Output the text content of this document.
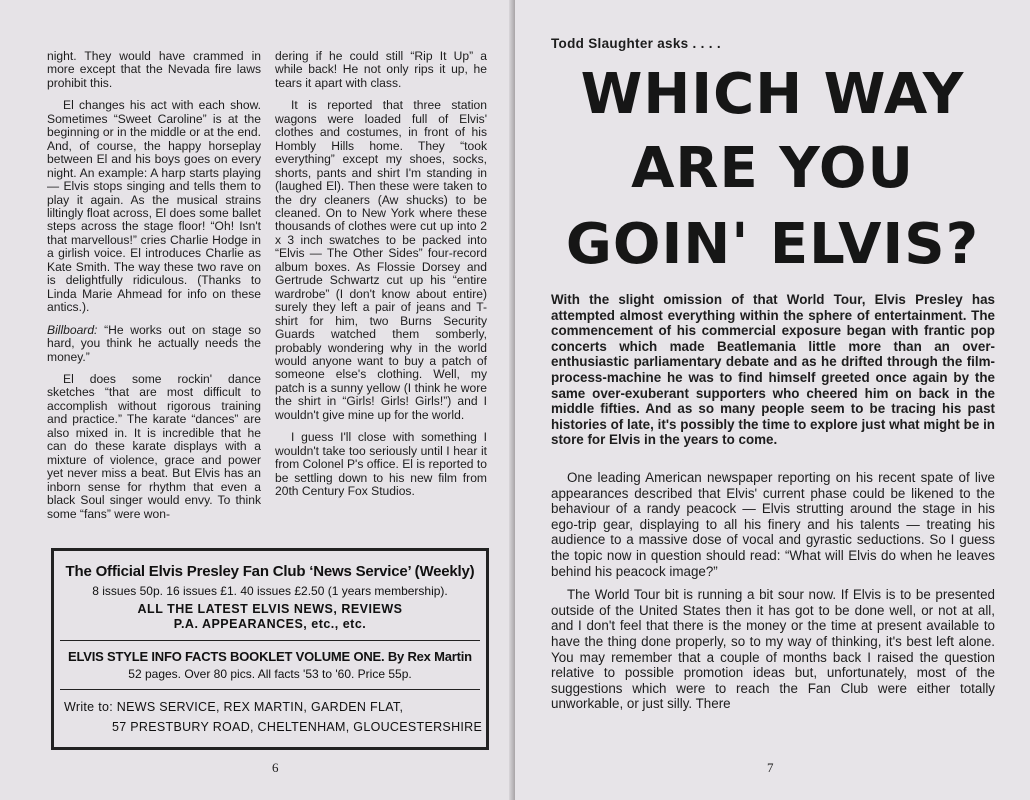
night. They would have crammed in more except that the Nevada fire laws prohibit this.

El changes his act with each show. Sometimes “Sweet Caroline” is at the beginning or in the middle or at the end. And, of course, the happy horseplay between El and his boys goes on every night. An example: A harp starts playing — Elvis stops singing and tells them to play it again. As the musical strains liltingly float across, El does some ballet steps across the stage floor! “Oh! Isn't that marvellous!” cries Charlie Hodge in a girlish voice. El introduces Charlie as Kate Smith. The way these two rave on is delightfully ridiculous. (Thanks to Linda Marie Ahmead for info on these antics.).

Billboard: “He works out on stage so hard, you think he actually needs the money.”

El does some rockin' dance sketches “that are most difficult to accomplish without rigorous training and practice.” The karate “dances” are also mixed in. It is incredible that he can do these karate displays with a mixture of violence, grace and power yet never miss a beat. But Elvis has an inborn sense for rhythm that even a black Soul singer would envy. To think some “fans” were won-

dering if he could still “Rip It Up” a while back! He not only rips it up, he tears it apart with class.

It is reported that three station wagons were loaded full of Elvis' clothes and costumes, in front of his Hombly Hills home. They “took everything” except my shoes, socks, shorts, pants and shirt I'm standing in (laughed El). Then these were taken to the dry cleaners (Aw shucks) to be cleaned. On to New York where these thousands of clothes were cut up into 2 x 3 inch swatches to be packed into “Elvis — The Other Sides” four-record album boxes. As Flossie Dorsey and Gertrude Schwartz cut up his “entire wardrobe” (I don't know about entire) surely they left a pair of jeans and T-shirt for him, two Burns Security Guards watched them somberly, probably wondering why in the world would anyone want to buy a patch of someone else's clothing. Well, my patch is a sunny yellow (I think he wore the shirt in “Girls! Girls! Girls!”) and I wouldn't give mine up for the world.

I guess I'll close with something I wouldn't take too seriously until I hear it from Colonel P's office. El is reported to be settling down to his new film from 20th Century Fox Studios.

The Official Elvis Presley Fan Club ‘News Service’ (Weekly)
8 issues 50p. 16 issues £1. 40 issues £2.50 (1 years membership).
ALL THE LATEST ELVIS NEWS, REVIEWS
P.A. APPEARANCES, etc., etc.
ELVIS STYLE INFO FACTS BOOKLET VOLUME ONE. By Rex Martin
52 pages. Over 80 pics. All facts '53 to '60. Price 55p.
Write to: NEWS SERVICE, REX MARTIN, GARDEN FLAT,
57 PRESTBURY ROAD, CHELTENHAM, GLOUCESTERSHIRE
6
Todd Slaughter asks . . . .
WHICH WAY
ARE YOU
GOIN' ELVIS?
With the slight omission of that World Tour, Elvis Presley has attempted almost everything within the sphere of entertainment. The commencement of his commercial exposure began with frantic pop concerts which made Beatlemania little more than an over-enthusiastic parliamentary debate and as he drifted through the film-process-machine he was to find himself greeted once again by the same over-exuberant supporters who cheered him on back in the middle fifties. And as so many people seem to be tracing his past histories of late, it's possibly the time to explore just what might be in store for Elvis in the years to come.

One leading American newspaper reporting on his recent spate of live appearances described that Elvis' current phase could be likened to the behaviour of a randy peacock — Elvis strutting around the stage in his ego-trip gear, displaying to all his finery and his talents — treating his audience to a massive dose of vocal and gyrastic seductions. So I guess the topic now in question should read: “What will Elvis do when he leaves behind his peacock image?”

The World Tour bit is running a bit sour now. If Elvis is to be presented outside of the United States then it has got to be done well, or not at all, and I don't feel that there is the money or the time at present available to have the thing done properly, so to my way of thinking, it's best left alone. You may remember that a couple of months back I raised the question relative to possible promotion ideas but, unfortunately, most of the suggestions which were to reach the Fan Club were either totally unworkable, or just silly. There

7
